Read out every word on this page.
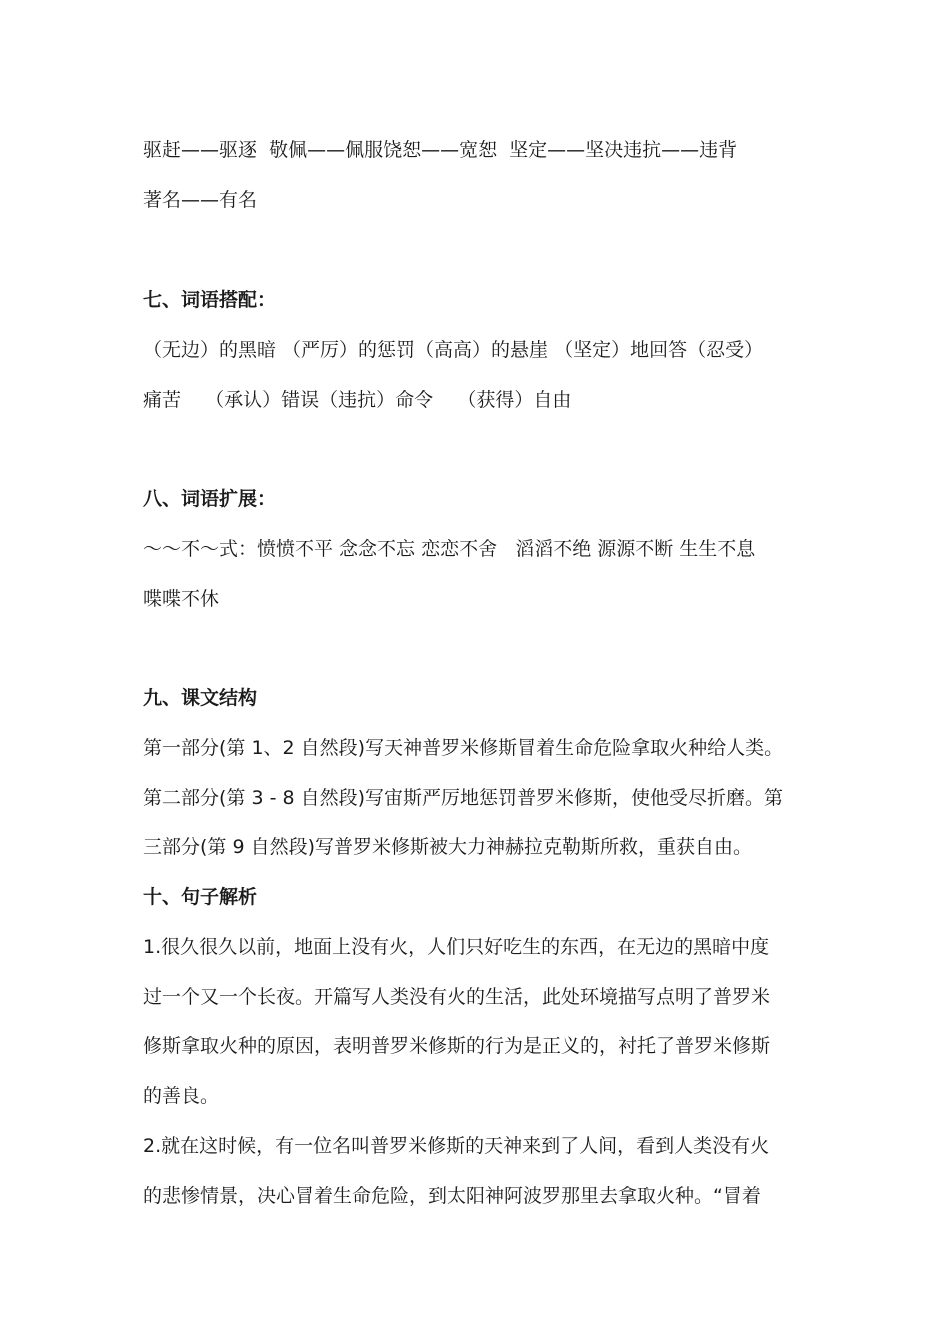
驱赶——驱逐  敬佩——佩服饶恕——宽恕  坚定——坚决违抗——违背

著名——有名

七、词语搭配：

（无边）的黑暗 （严厉）的惩罚（高高）的悬崖 （坚定）地回答（忍受）

痛苦    （承认）错误（违抗）命令    （获得）自由

八、词语扩展：

～～不～式：愤愤不平 念念不忘 恋恋不舍   滔滔不绝 源源不断 生生不息

喋喋不休

九、课文结构

第一部分(第 1、2 自然段)写天神普罗米修斯冒着生命危险拿取火种给人类。

第二部分(第 3 - 8 自然段)写宙斯严厉地惩罚普罗米修斯，使他受尽折磨。第

三部分(第 9 自然段)写普罗米修斯被大力神赫拉克勒斯所救，重获自由。

十、句子解析

1.很久很久以前，地面上没有火，人们只好吃生的东西，在无边的黑暗中度

过一个又一个长夜。开篇写人类没有火的生活，此处环境描写点明了普罗米

修斯拿取火种的原因，表明普罗米修斯的行为是正义的，衬托了普罗米修斯

的善良。

2.就在这时候，有一位名叫普罗米修斯的天神来到了人间，看到人类没有火

的悲惨情景，决心冒着生命危险，到太阳神阿波罗那里去拿取火种。“冒着
